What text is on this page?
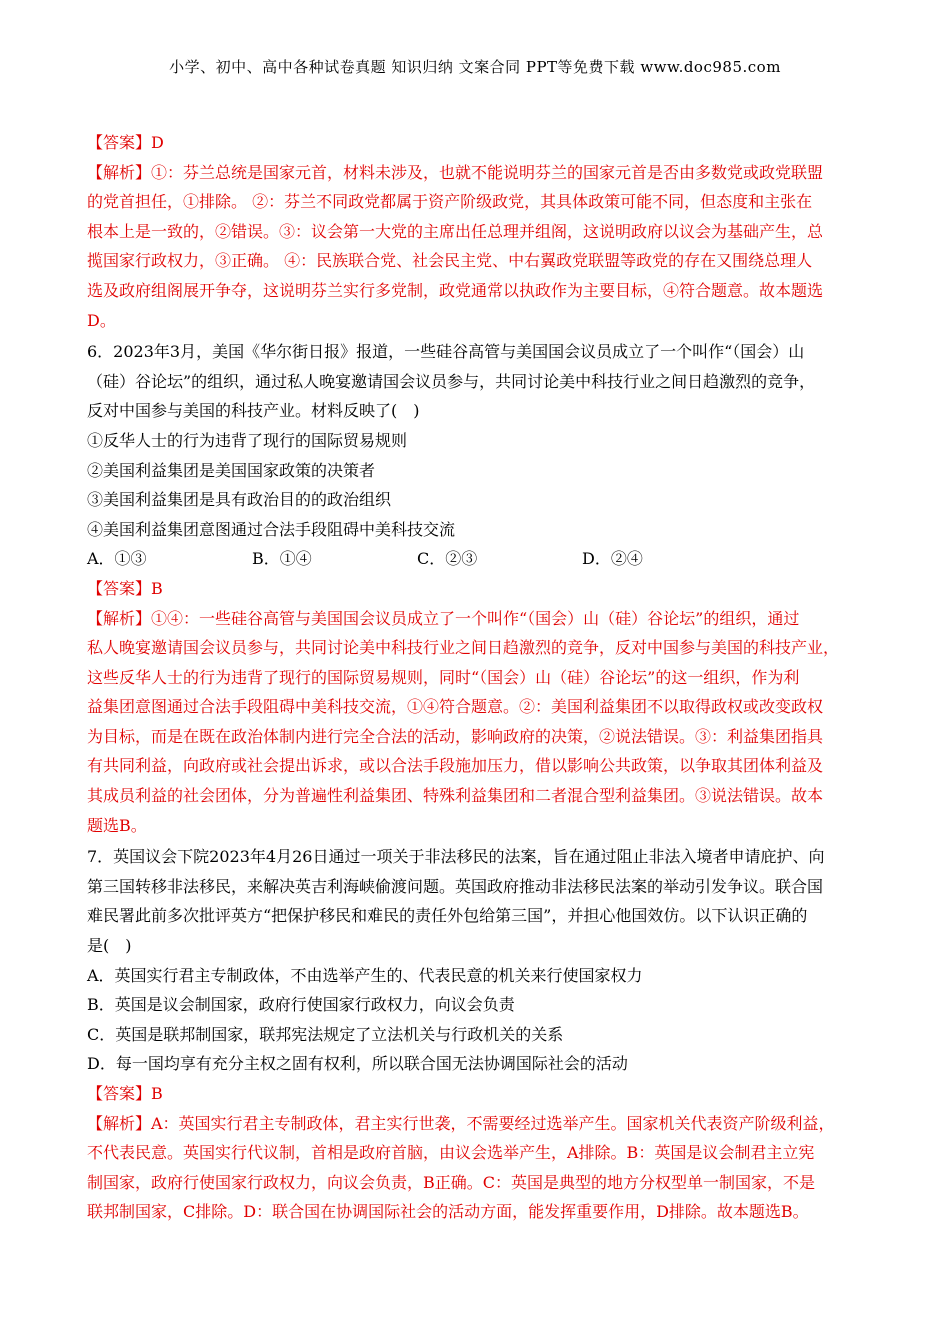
小学、初中、高中各种试卷真题 知识归纳 文案合同 PPT等免费下载 www.doc985.com

【答案】D

【解析】①：芬兰总统是国家元首，材料未涉及，也就不能说明芬兰的国家元首是否由多数党或政党联盟

的党首担任，①排除。 ②：芬兰不同政党都属于资产阶级政党，其具体政策可能不同，但态度和主张在

根本上是一致的，②错误。③：议会第一大党的主席出任总理并组阁，这说明政府以议会为基础产生，总

揽国家行政权力，③正确。 ④：民族联合党、社会民主党、中右翼政党联盟等政党的存在又围绕总理人

选及政府组阁展开争夺，这说明芬兰实行多党制，政党通常以执政作为主要目标，④符合题意。故本题选

D。

6．2023年3月，美国《华尔街日报》报道，一些硅谷高管与美国国会议员成立了一个叫作“（国会）山

（硅）谷论坛”的组织，通过私人晚宴邀请国会议员参与，共同讨论美中科技行业之间日趋激烈的竞争，

反对中国参与美国的科技产业。材料反映了(　)

①反华人士的行为违背了现行的国际贸易规则

②美国利益集团是美国国家政策的决策者

③美国利益集团是具有政治目的的政治组织

④美国利益集团意图通过合法手段阻碍中美科技交流

A．①③	B．①④	C．②③	D．②④

【答案】B

【解析】①④：一些硅谷高管与美国国会议员成立了一个叫作“（国会）山（硅）谷论坛”的组织，通过

私人晚宴邀请国会议员参与，共同讨论美中科技行业之间日趋激烈的竞争，反对中国参与美国的科技产业，

这些反华人士的行为违背了现行的国际贸易规则，同时“（国会）山（硅）谷论坛”的这一组织，作为利

益集团意图通过合法手段阻碍中美科技交流，①④符合题意。②：美国利益集团不以取得政权或改变政权

为目标，而是在既在政治体制内进行完全合法的活动，影响政府的决策，②说法错误。③：利益集团指具

有共同利益，向政府或社会提出诉求，或以合法手段施加压力，借以影响公共政策，以争取其团体利益及

其成员利益的社会团体，分为普遍性利益集团、特殊利益集团和二者混合型利益集团。③说法错误。故本

题选B。

7．英国议会下院2023年4月26日通过一项关于非法移民的法案，旨在通过阻止非法入境者申请庇护、向

第三国转移非法移民，来解决英吉利海峡偷渡问题。英国政府推动非法移民法案的举动引发争议。联合国

难民署此前多次批评英方“把保护移民和难民的责任外包给第三国”，并担心他国效仿。以下认识正确的

是(　)

A．英国实行君主专制政体，不由选举产生的、代表民意的机关来行使国家权力

B．英国是议会制国家，政府行使国家行政权力，向议会负责

C．英国是联邦制国家，联邦宪法规定了立法机关与行政机关的关系

D．每一国均享有充分主权之固有权利，所以联合国无法协调国际社会的活动

【答案】B

【解析】A：英国实行君主专制政体，君主实行世袭，不需要经过选举产生。国家机关代表资产阶级利益，

不代表民意。英国实行代议制，首相是政府首脑，由议会选举产生，A排除。B：英国是议会制君主立宪

制国家，政府行使国家行政权力，向议会负责，B正确。C：英国是典型的地方分权型单一制国家，不是

联邦制国家，C排除。D：联合国在协调国际社会的活动方面，能发挥重要作用，D排除。故本题选B。
